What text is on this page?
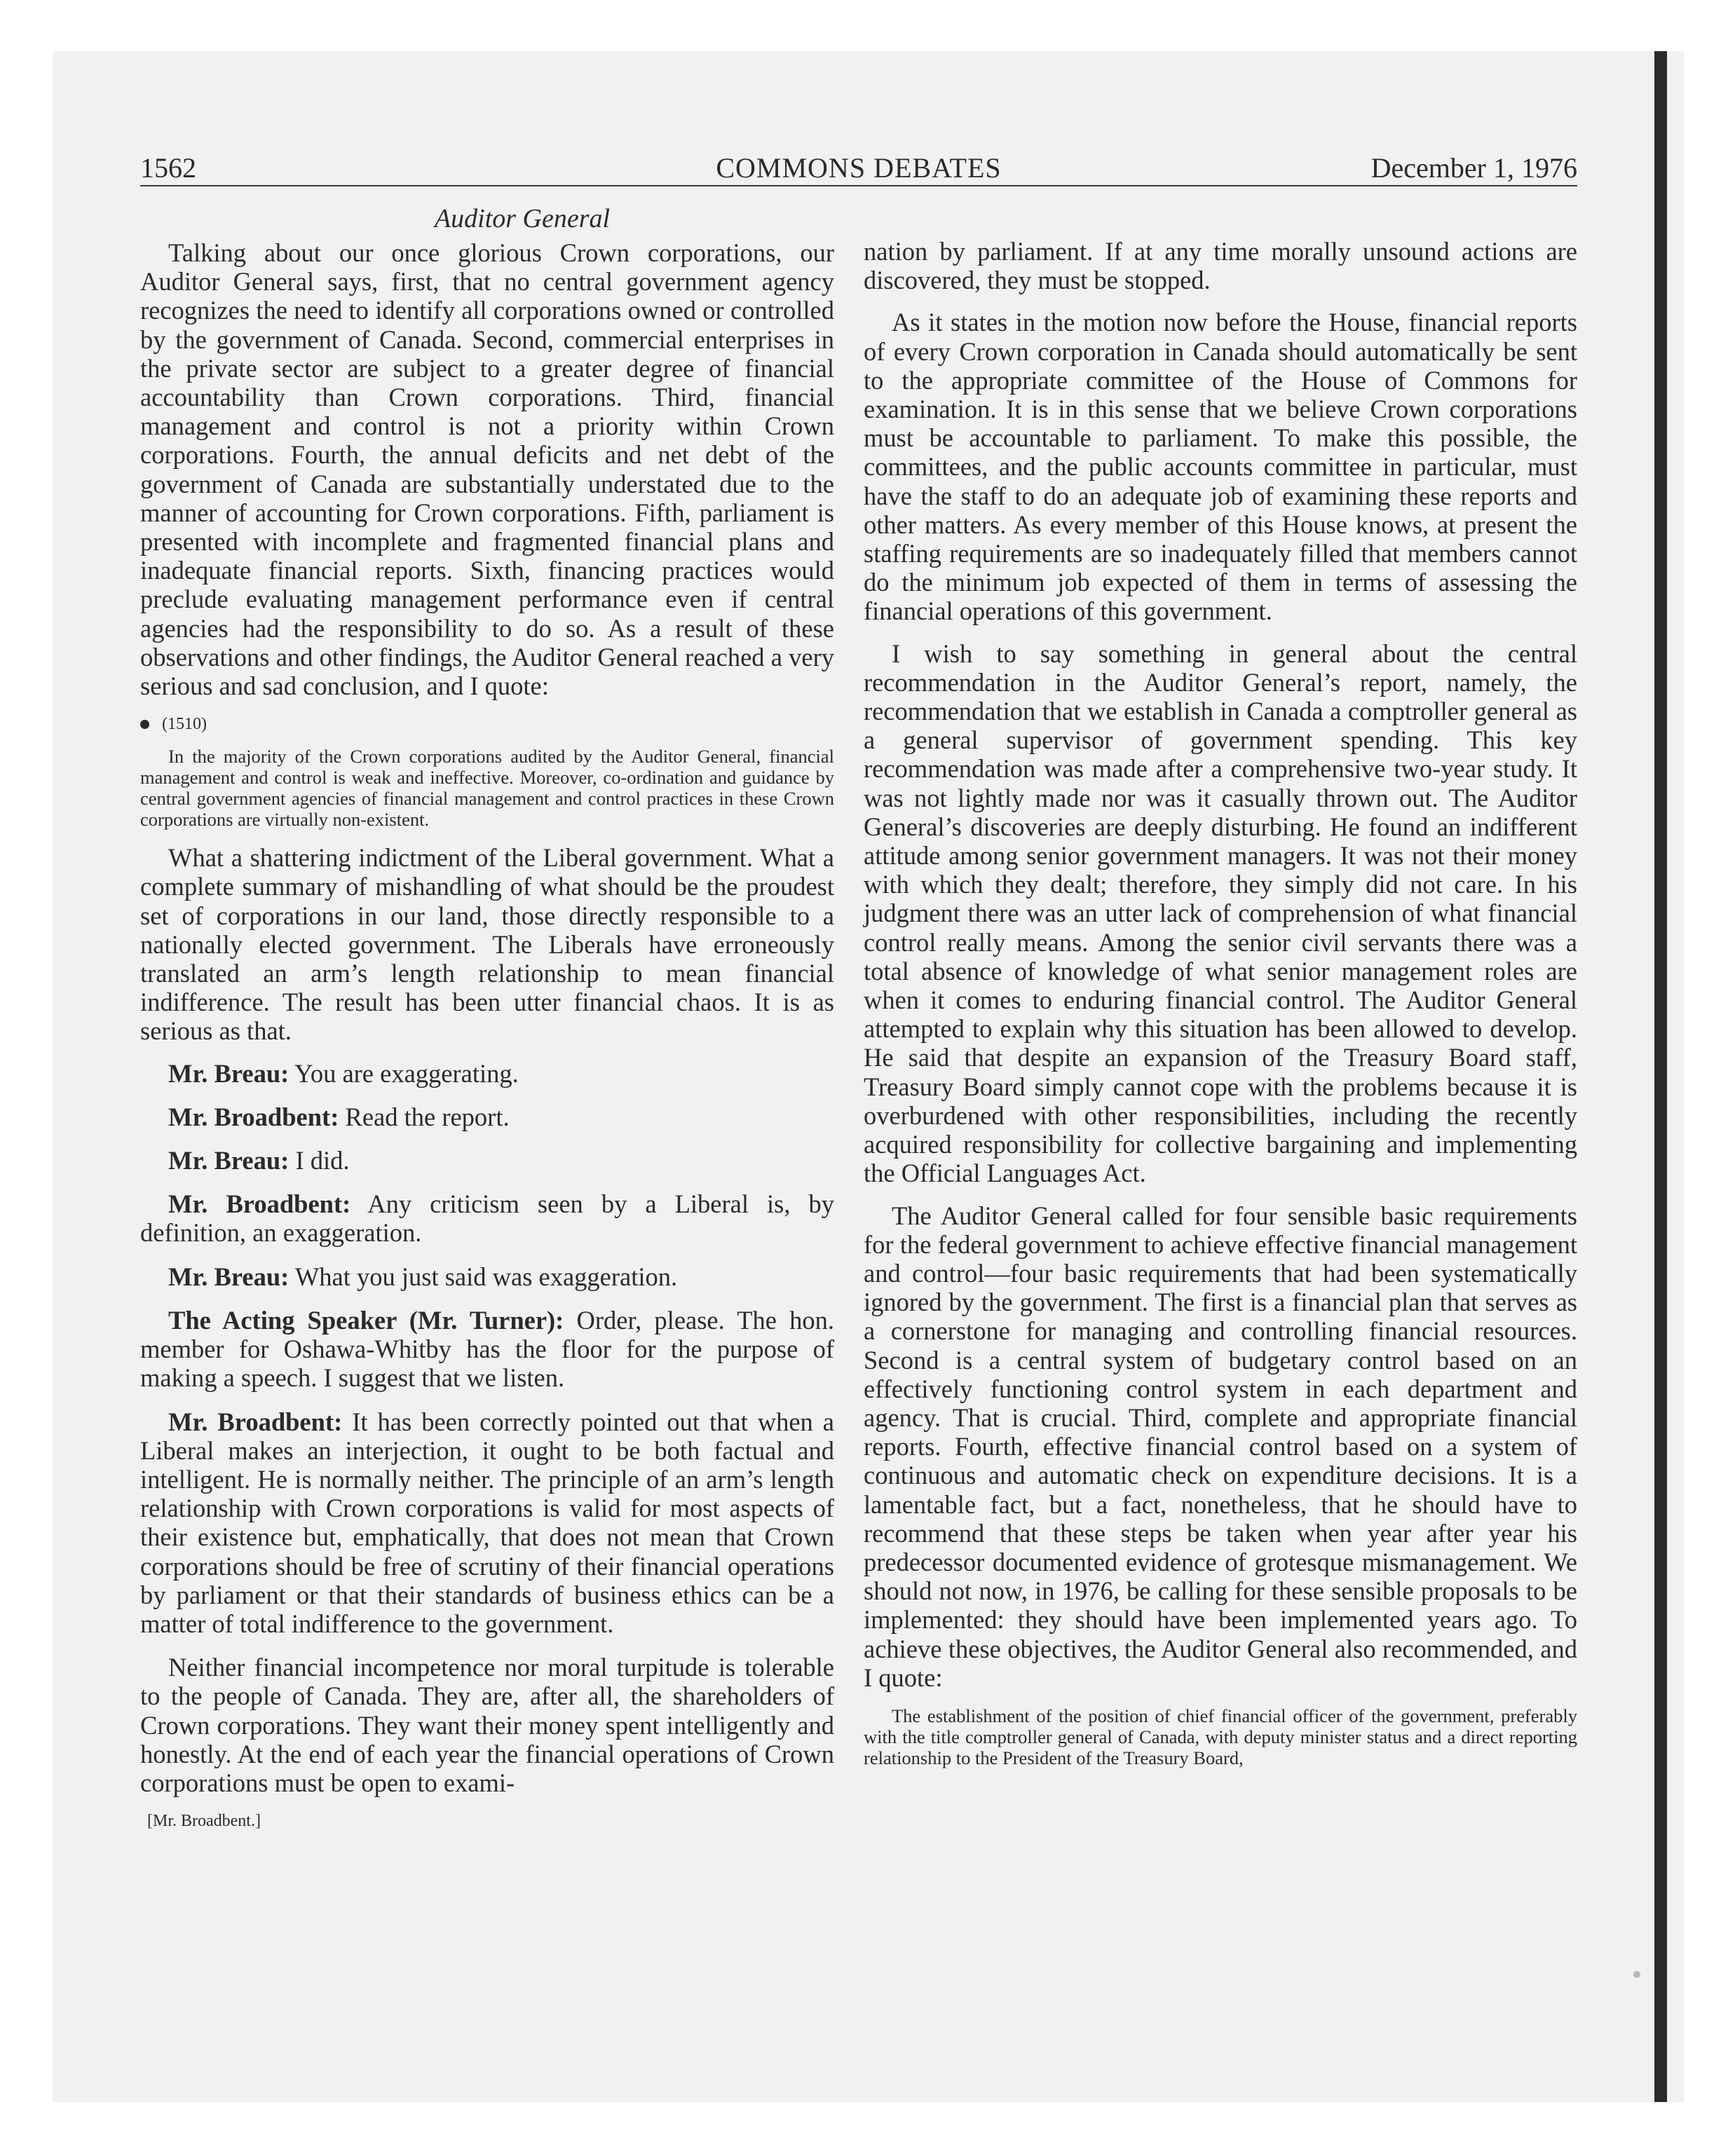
1562	COMMONS DEBATES	December 1, 1976
Auditor General

Talking about our once glorious Crown corporations, our Auditor General says, first, that no central government agency recognizes the need to identify all corporations owned or controlled by the government of Canada. Second, commercial enterprises in the private sector are subject to a greater degree of financial accountability than Crown corporations. Third, financial management and control is not a priority within Crown corporations. Fourth, the annual deficits and net debt of the government of Canada are substantially understated due to the manner of accounting for Crown corporations. Fifth, parliament is presented with incomplete and fragmented financial plans and inadequate financial reports. Sixth, financing practices would preclude evaluating management performance even if central agencies had the responsibility to do so. As a result of these observations and other findings, the Auditor General reached a very serious and sad conclusion, and I quote:

(1510)

In the majority of the Crown corporations audited by the Auditor General, financial management and control is weak and ineffective. Moreover, co-ordination and guidance by central government agencies of financial management and control practices in these Crown corporations are virtually non-existent.

What a shattering indictment of the Liberal government. What a complete summary of mishandling of what should be the proudest set of corporations in our land, those directly responsible to a nationally elected government. The Liberals have erroneously translated an arm’s length relationship to mean financial indifference. The result has been utter financial chaos. It is as serious as that.

Mr. Breau: You are exaggerating.

Mr. Broadbent: Read the report.

Mr. Breau: I did.

Mr. Broadbent: Any criticism seen by a Liberal is, by definition, an exaggeration.

Mr. Breau: What you just said was exaggeration.

The Acting Speaker (Mr. Turner): Order, please. The hon. member for Oshawa-Whitby has the floor for the purpose of making a speech. I suggest that we listen.

Mr. Broadbent: It has been correctly pointed out that when a Liberal makes an interjection, it ought to be both factual and intelligent. He is normally neither. The principle of an arm’s length relationship with Crown corporations is valid for most aspects of their existence but, emphatically, that does not mean that Crown corporations should be free of scrutiny of their financial operations by parliament or that their standards of business ethics can be a matter of total indifference to the government.

Neither financial incompetence nor moral turpitude is tolerable to the people of Canada. They are, after all, the shareholders of Crown corporations. They want their money spent intelligently and honestly. At the end of each year the financial operations of Crown corporations must be open to exami-

[Mr. Broadbent.]

nation by parliament. If at any time morally unsound actions are discovered, they must be stopped.

As it states in the motion now before the House, financial reports of every Crown corporation in Canada should automatically be sent to the appropriate committee of the House of Commons for examination. It is in this sense that we believe Crown corporations must be accountable to parliament. To make this possible, the committees, and the public accounts committee in particular, must have the staff to do an adequate job of examining these reports and other matters. As every member of this House knows, at present the staffing requirements are so inadequately filled that members cannot do the minimum job expected of them in terms of assessing the financial operations of this government.

I wish to say something in general about the central recommendation in the Auditor General’s report, namely, the recommendation that we establish in Canada a comptroller general as a general supervisor of government spending. This key recommendation was made after a comprehensive two-year study. It was not lightly made nor was it casually thrown out. The Auditor General’s discoveries are deeply disturbing. He found an indifferent attitude among senior government managers. It was not their money with which they dealt; therefore, they simply did not care. In his judgment there was an utter lack of comprehension of what financial control really means. Among the senior civil servants there was a total absence of knowledge of what senior management roles are when it comes to enduring financial control. The Auditor General attempted to explain why this situation has been allowed to develop. He said that despite an expansion of the Treasury Board staff, Treasury Board simply cannot cope with the problems because it is overburdened with other responsibilities, including the recently acquired responsibility for collective bargaining and implementing the Official Languages Act.

The Auditor General called for four sensible basic requirements for the federal government to achieve effective financial management and control—four basic requirements that had been systematically ignored by the government. The first is a financial plan that serves as a cornerstone for managing and controlling financial resources. Second is a central system of budgetary control based on an effectively functioning control system in each department and agency. That is crucial. Third, complete and appropriate financial reports. Fourth, effective financial control based on a system of continuous and automatic check on expenditure decisions. It is a lamentable fact, but a fact, nonetheless, that he should have to recommend that these steps be taken when year after year his predecessor documented evidence of grotesque mismanagement. We should not now, in 1976, be calling for these sensible proposals to be implemented: they should have been implemented years ago. To achieve these objectives, the Auditor General also recommended, and I quote:

The establishment of the position of chief financial officer of the government, preferably with the title comptroller general of Canada, with deputy minister status and a direct reporting relationship to the President of the Treasury Board,
